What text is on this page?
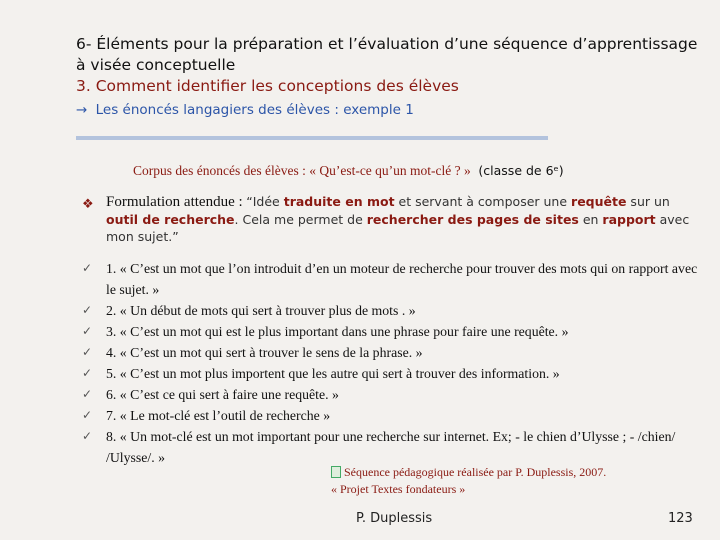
6- Éléments pour la préparation et l’évaluation d’une séquence d’apprentissage
à visée conceptuelle
3. Comment identifier les conceptions des élèves
→ Les énoncés langagiers des élèves : exemple 1
Corpus des énoncés des élèves : « Qu’est-ce qu’un mot-clé ? » (classe de 6ᵉ)
❖ Formulation attendue : “Idée traduite en mot et servant à composer une requête sur un outil de recherche. Cela me permet de rechercher des pages de sites en rapport avec mon sujet.”
✓ 1. « C’est un mot que l’on introduit d’en un moteur de recherche pour trouver des mots qui on rapport avec le sujet. »
✓ 2. « Un début de mots qui sert à trouver plus de mots . »
✓ 3. « C’est un mot qui est le plus important dans une phrase pour faire une requête. »
✓ 4. « C’est un mot qui sert à trouver le sens de la phrase. »
✓ 5. « C’est un mot plus importent que les autre qui sert à trouver des information. »
✓ 6. « C’est ce qui sert à faire une requête. »
✓ 7. « Le mot-clé est l’outil de recherche »
✓ 8. « Un mot-clé est un mot important pour une recherche sur internet. Ex; - le chien d’Ulysse ; - /chien/ /Ulysse/. »
Séquence pédagogique réalisée par P. Duplessis, 2007.
« Projet Textes fondateurs »
P. Duplessis	123
